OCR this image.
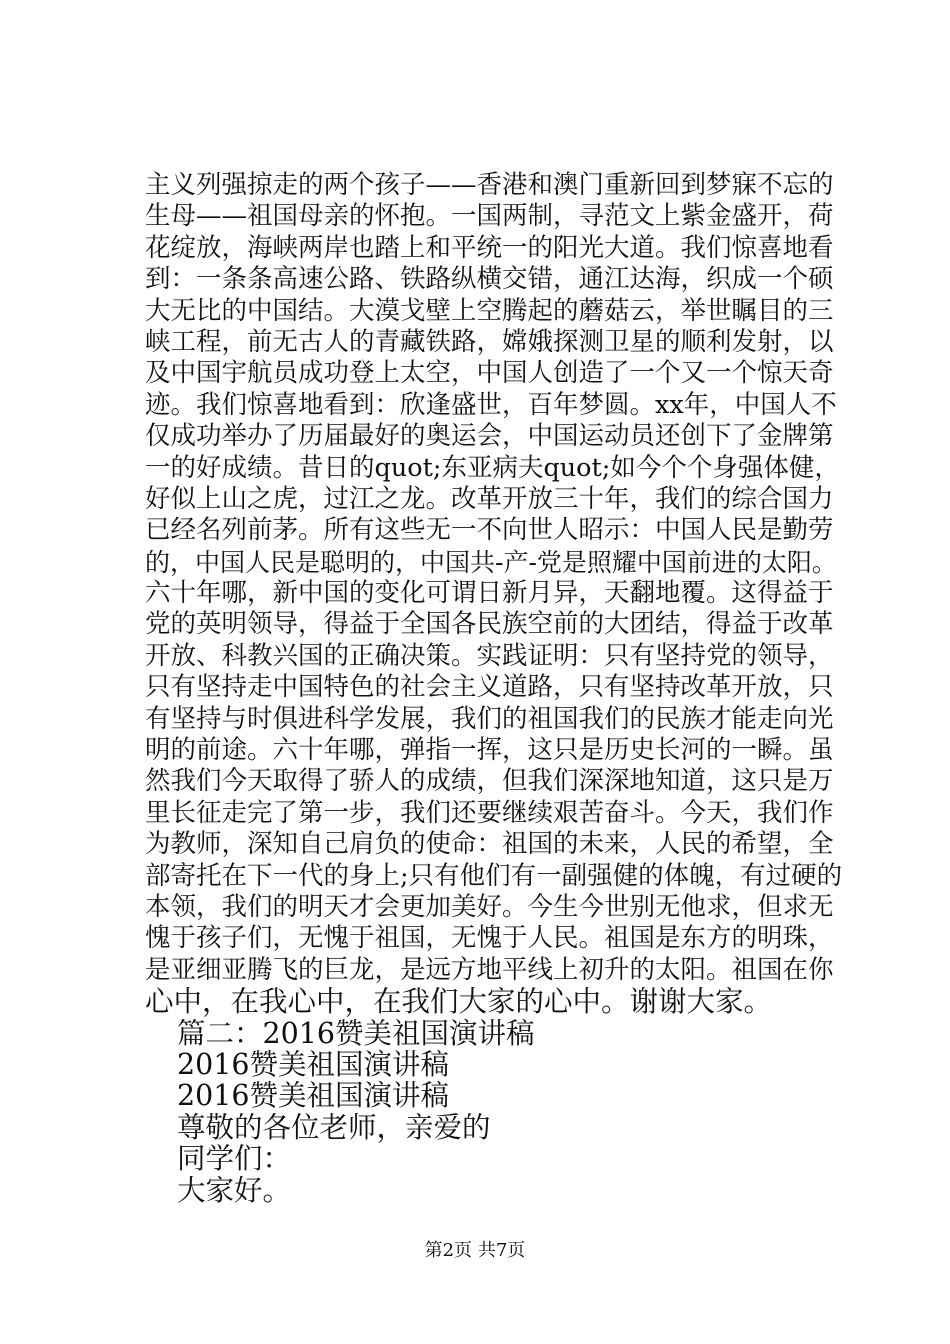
主义列强掠走的两个孩子——香港和澳门重新回到梦寐不忘的
生母——祖国母亲的怀抱。一国两制，寻范文上紫金盛开，荷
花绽放，海峡两岸也踏上和平统一的阳光大道。我们惊喜地看
到：一条条高速公路、铁路纵横交错，通江达海，织成一个硕
大无比的中国结。大漠戈壁上空腾起的蘑菇云，举世瞩目的三
峡工程，前无古人的青藏铁路，嫦娥探测卫星的顺利发射，以
及中国宇航员成功登上太空，中国人创造了一个又一个惊天奇
迹。我们惊喜地看到：欣逢盛世，百年梦圆。xx年，中国人不
仅成功举办了历届最好的奥运会，中国运动员还创下了金牌第
一的好成绩。昔日的quot;东亚病夫quot;如今个个身强体健，
好似上山之虎，过江之龙。改革开放三十年，我们的综合国力
已经名列前茅。所有这些无一不向世人昭示：中国人民是勤劳
的，中国人民是聪明的，中国共-产-党是照耀中国前进的太阳。
六十年哪，新中国的变化可谓日新月异，天翻地覆。这得益于
党的英明领导，得益于全国各民族空前的大团结，得益于改革
开放、科教兴国的正确决策。实践证明：只有坚持党的领导，
只有坚持走中国特色的社会主义道路，只有坚持改革开放，只
有坚持与时俱进科学发展，我们的祖国我们的民族才能走向光
明的前途。六十年哪，弹指一挥，这只是历史长河的一瞬。虽
然我们今天取得了骄人的成绩，但我们深深地知道，这只是万
里长征走完了第一步，我们还要继续艰苦奋斗。今天，我们作
为教师，深知自己肩负的使命：祖国的未来，人民的希望，全
部寄托在下一代的身上;只有他们有一副强健的体魄，有过硬的
本领，我们的明天才会更加美好。今生今世别无他求，但求无
愧于孩子们，无愧于祖国，无愧于人民。祖国是东方的明珠，
是亚细亚腾飞的巨龙，是远方地平线上初升的太阳。祖国在你
心中，在我心中，在我们大家的心中。谢谢大家。
篇二：2016赞美祖国演讲稿
2016赞美祖国演讲稿
2016赞美祖国演讲稿
尊敬的各位老师，亲爱的
同学们：
大家好。
第2页 共7页
